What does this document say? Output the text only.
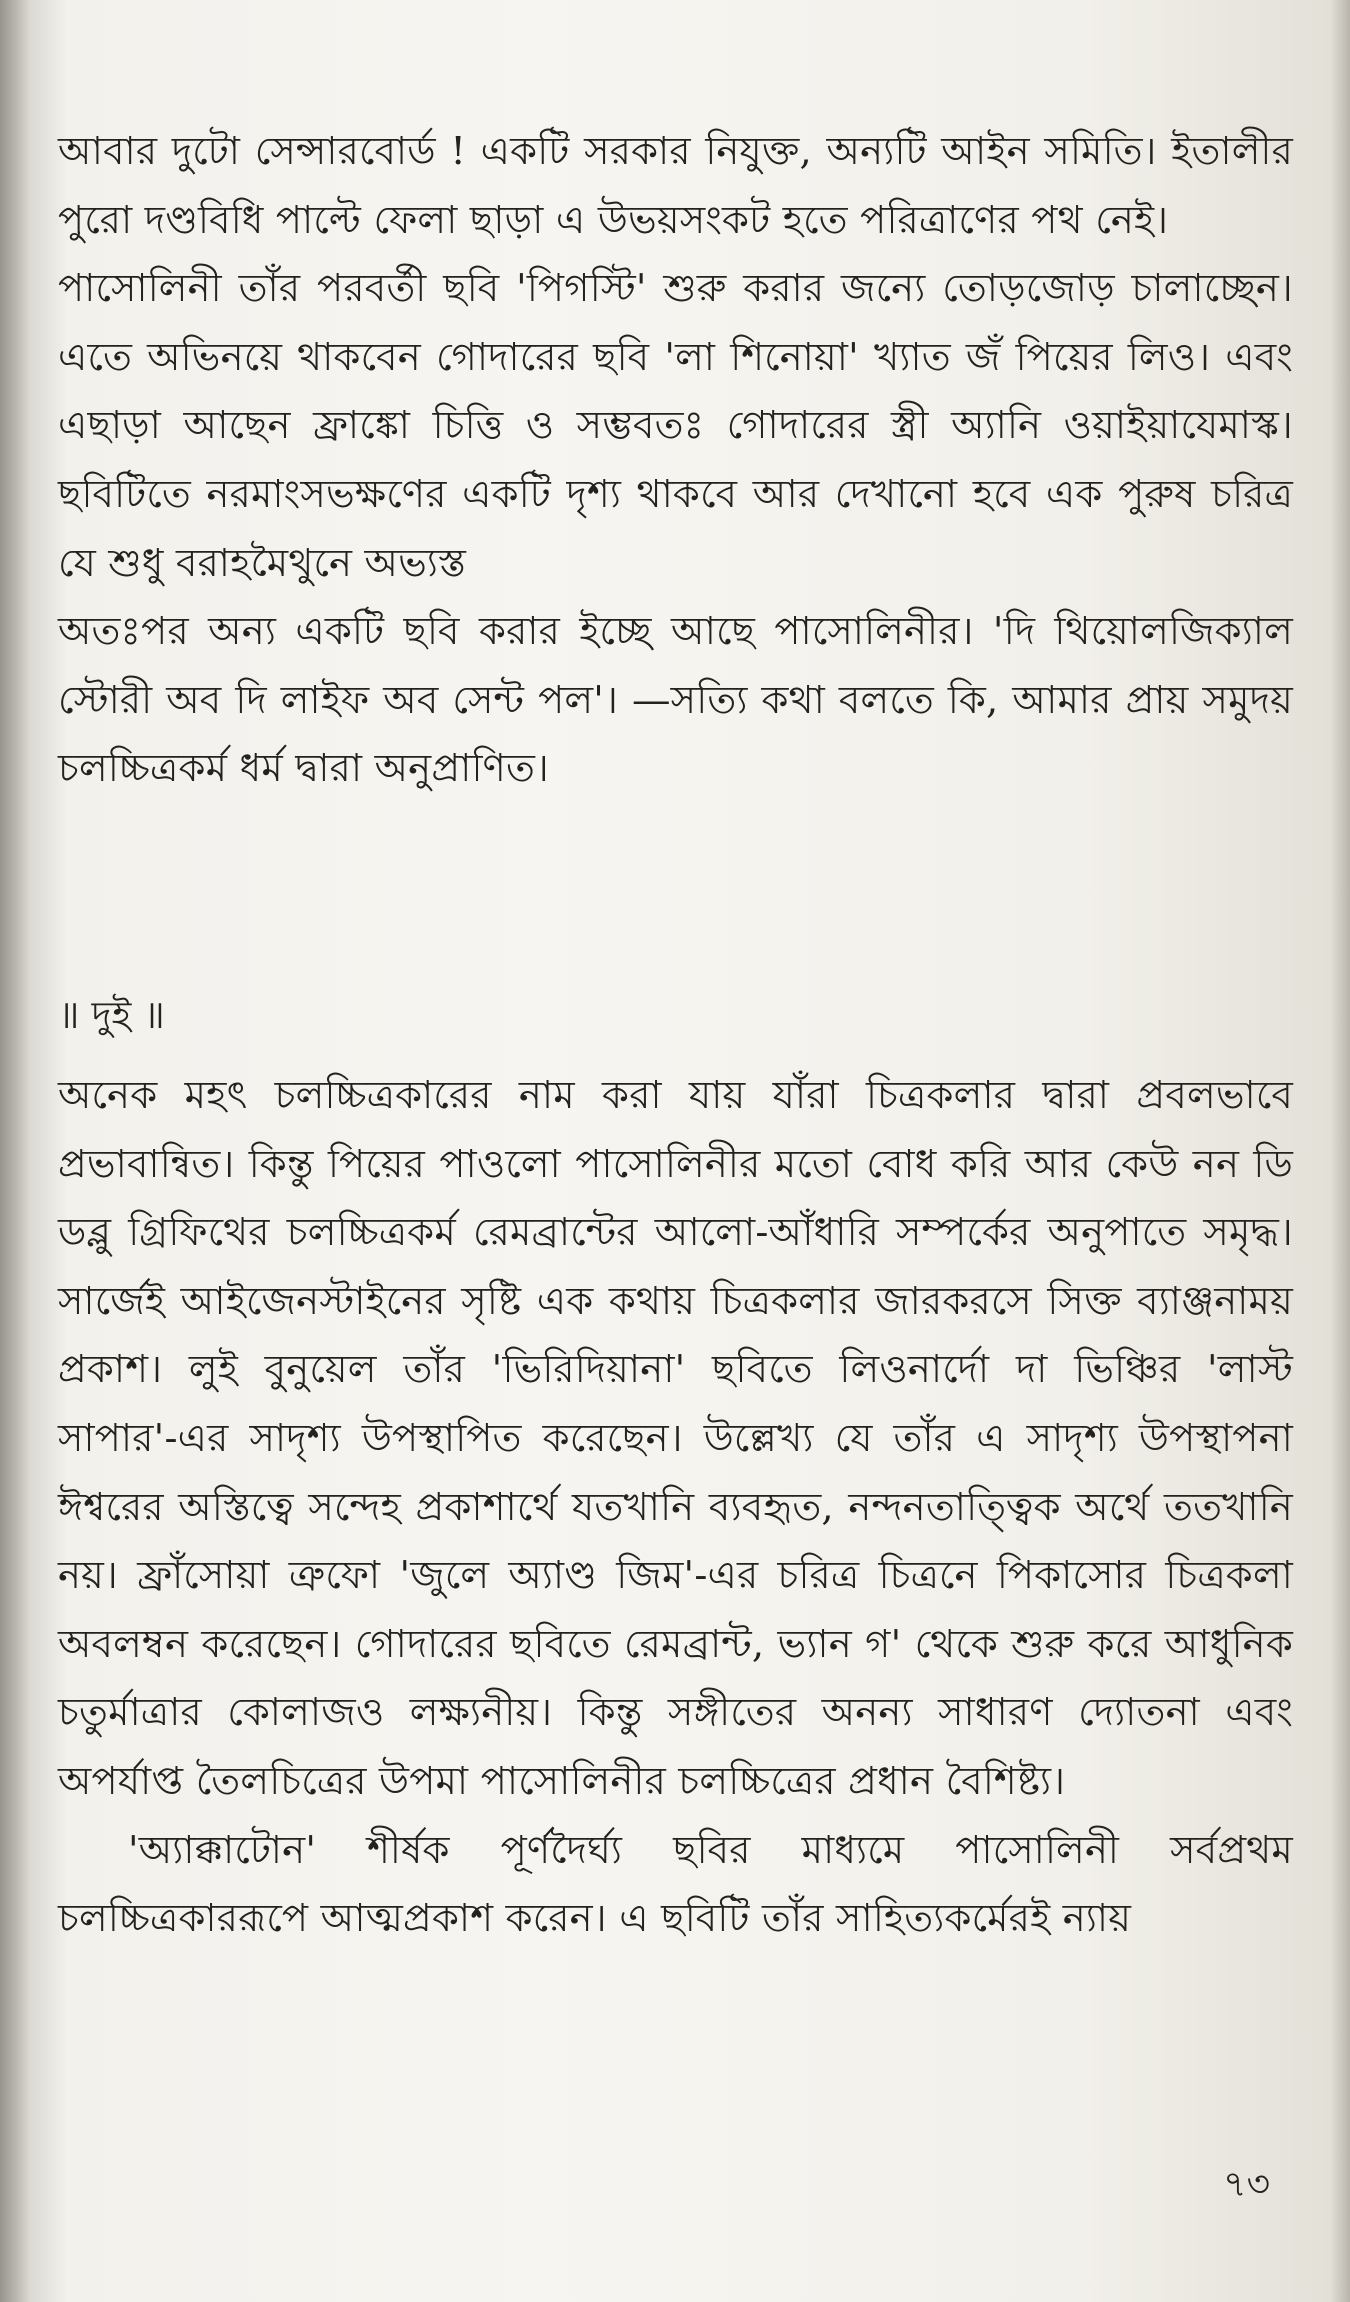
আবার দুটো সেন্সারবোর্ড ! একটি সরকার নিযুক্ত, অন্যটি আইন সমিতি। ইতালীর পুরো দণ্ডবিধি পাল্টে ফেলা ছাড়া এ উভয়সংকট হতে পরিত্রাণের পথ নেই।

পাসোলিনী তাঁর পরবর্তী ছবি 'পিগস্টি' শুরু করার জন্যে তোড়জোড় চালাচ্ছেন। এতে অভিনয়ে থাকবেন গোদারের ছবি 'লা শিনোয়া' খ্যাত জঁ পিয়ের লিও। এবং এছাড়া আছেন ফ্রাঙ্কো চিত্তি ও সম্ভবতঃ গোদারের স্ত্রী অ্যানি ওয়াইয়াযেমাস্ক। ছবিটিতে নরমাংসভক্ষণের একটি দৃশ্য থাকবে আর দেখানো হবে এক পুরুষ চরিত্র যে শুধু বরাহমৈথুনে অভ্যস্ত

অতঃপর অন্য একটি ছবি করার ইচ্ছে আছে পাসোলিনীর। 'দি থিয়োলজিক্যাল স্টোরী অব দি লাইফ অব সেন্ট পল'। —সত্যি কথা বলতে কি, আমার প্রায় সমুদয় চলচ্চিত্রকর্ম ধর্ম দ্বারা অনুপ্রাণিত।

॥ দুই ॥

অনেক মহৎ চলচ্চিত্রকারের নাম করা যায় যাঁরা চিত্রকলার দ্বারা প্রবলভাবে প্রভাবান্বিত। কিন্তু পিয়ের পাওলো পাসোলিনীর মতো বোধ করি আর কেউ নন ডি ডব্লু গ্রিফিথের চলচ্চিত্রকর্ম রেমব্রান্টের আলো-আঁধারি সম্পর্কের অনুপাতে সমৃদ্ধ। সার্জেই আইজেনস্টাইনের সৃষ্টি এক কথায় চিত্রকলার জারকরসে সিক্ত ব্যাঞ্জনাময় প্রকাশ। লুই বুনুয়েল তাঁর 'ভিরিদিয়ানা' ছবিতে লিওনার্দো দা ভিঞ্চির 'লাস্ট সাপার'-এর সাদৃশ্য উপস্থাপিত করেছেন। উল্লেখ্য যে তাঁর এ সাদৃশ্য উপস্থাপনা ঈশ্বরের অস্তিত্বে সন্দেহ প্রকাশার্থে যতখানি ব্যবহৃত, নন্দনতাত্ত্বিক অর্থে ততখানি নয়। ফ্রাঁসোয়া ত্রুফো 'জুলে অ্যাণ্ড জিম'-এর চরিত্র চিত্রনে পিকাসোর চিত্রকলা অবলম্বন করেছেন। গোদারের ছবিতে রেমব্রান্ট, ভ্যান গ' থেকে শুরু করে আধুনিক চতুর্মাত্রার কোলাজও লক্ষ্যনীয়। কিন্তু সঙ্গীতের অনন্য সাধারণ দ্যোতনা এবং অপর্যাপ্ত তৈলচিত্রের উপমা পাসোলিনীর চলচ্চিত্রের প্রধান বৈশিষ্ট্য।

'অ্যাক্কাটোন' শীর্ষক পূর্ণদৈর্ঘ্য ছবির মাধ্যমে পাসোলিনী সর্বপ্রথম চলচ্চিত্রকাররূপে আত্মপ্রকাশ করেন। এ ছবিটি তাঁর সাহিত্যকর্মেরই ন্যায়

৭৩
